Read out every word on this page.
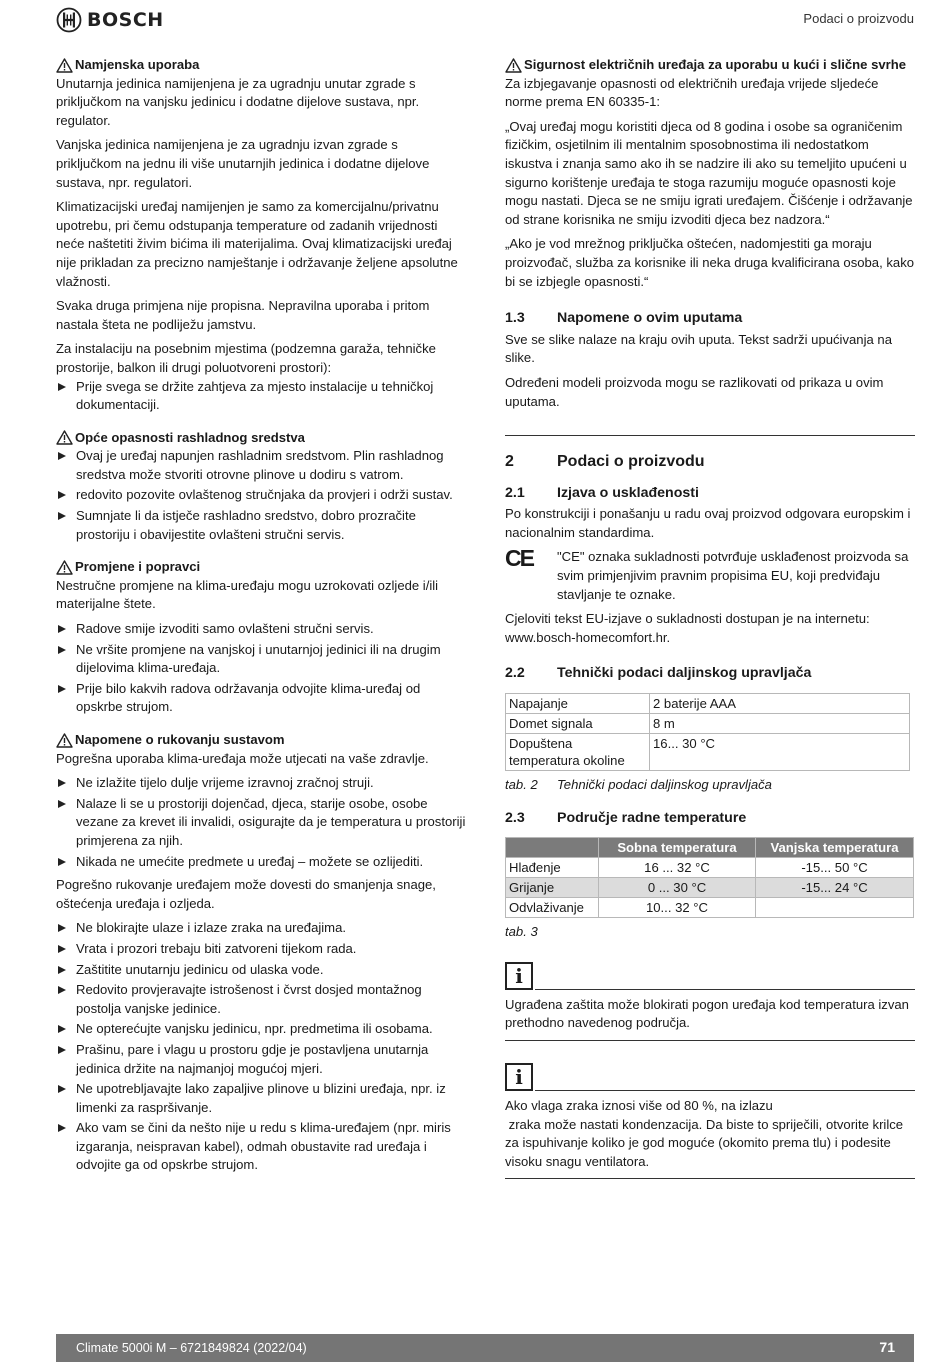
BOSCH	Podaci o proizvodu
Namjenska uporaba

Unutarnja jedinica namijenjena je za ugradnju unutar zgrade s priključkom na vanjsku jedinicu i dodatne dijelove sustava, npr. regulator.

Vanjska jedinica namijenjena je za ugradnju izvan zgrade s priključkom na jednu ili više unutarnjih jedinica i dodatne dijelove sustava, npr. regulatori.

Klimatizacijski uređaj namijenjen je samo za komercijalnu/privatnu upotrebu, pri čemu odstupanja temperature od zadanih vrijednosti neće naštetiti živim bićima ili materijalima. Ovaj klimatizacijski uređaj nije prikladan za precizno namještanje i održavanje željene apsolutne vlažnosti.

Svaka druga primjena nije propisna. Nepravilna uporaba i pritom nastala šteta ne podliježu jamstvu.

Za instalaciju na posebnim mjestima (podzemna garaža, tehničke prostorije, balkon ili drugi poluotvoreni prostori):

Prije svega se držite zahtjeva za mjesto instalacije u tehničkoj dokumentaciji.
Opće opasnosti rashladnog sredstva
Ovaj je uređaj napunjen rashladnim sredstvom. Plin rashladnog sredstva može stvoriti otrovne plinove u dodiru s vatrom.
redovito pozovite ovlaštenog stručnjaka da provjeri i održi sustav.
Sumnjate li da istječe rashladno sredstvo, dobro prozračite prostoriju i obavijestite ovlašteni stručni servis.
Promjene i popravci

Nestručne promjene na klima-uređaju mogu uzrokovati ozljede i/ili materijalne štete.

Radove smije izvoditi samo ovlašteni stručni servis.
Ne vršite promjene na vanjskoj i unutarnjoj jedinici ili na drugim dijelovima klima-uređaja.
Prije bilo kakvih radova održavanja odvojite klima-uređaj od opskrbe strujom.
Napomene o rukovanju sustavom

Pogrešna uporaba klima-uređaja može utjecati na vaše zdravlje.

Ne izlažite tijelo dulje vrijeme izravnoj zračnoj struji.
Nalaze li se u prostoriji dojenčad, djeca, starije osobe, osobe vezane za krevet ili invalidi, osigurajte da je temperatura u prostoriji primjerena za njih.
Nikada ne umećite predmete u uređaj – možete se ozlijediti.

Pogrešno rukovanje uređajem može dovesti do smanjenja snage, oštećenja uređaja i ozljeda.

Ne blokirajte ulaze i izlaze zraka na uređajima.
Vrata i prozori trebaju biti zatvoreni tijekom rada.
Zaštitite unutarnju jedinicu od ulaska vode.
Redovito provjeravajte istrošenost i čvrst dosjed montažnog postolja vanjske jedinice.
Ne opterećujte vanjsku jedinicu, npr. predmetima ili osobama.
Prašinu, pare i vlagu u prostoru gdje je postavljena unutarnja jedinica držite na najmanjoj mogućoj mjeri.
Ne upotrebljavajte lako zapaljive plinove u blizini uređaja, npr. iz limenki za raspršivanje.
Ako vam se čini da nešto nije u redu s klima-uređajem (npr. miris izgaranja, neispravan kabel), odmah obustavite rad uređaja i odvojite ga od opskrbe strujom.
Sigurnost električnih uređaja za uporabu u kući i slične svrhe

Za izbjegavanje opasnosti od električnih uređaja vrijede sljedeće norme prema EN 60335-1:

„Ovaj uređaj mogu koristiti djeca od 8 godina i osobe sa ograničenim fizičkim, osjetilnim ili mentalnim sposobnostima ili nedostatkom iskustva i znanja samo ako ih se nadzire ili ako su temeljito upućeni u sigurno korištenje uređaja te stoga razumiju moguće opasnosti koje mogu nastati. Djeca se ne smiju igrati uređajem. Čišćenje i održavanje od strane korisnika ne smiju izvoditi djeca bez nadzora.“

„Ako je vod mrežnog priključka oštećen, nadomjestiti ga moraju proizvođač, služba za korisnike ili neka druga kvalificirana osoba, kako bi se izbjegle opasnosti.“

1.3	Napomene o ovim uputama

Sve se slike nalaze na kraju ovih uputa. Tekst sadrži upućivanja na slike.

Određeni modeli proizvoda mogu se razlikovati od prikaza u ovim uputama.

2	Podaci o proizvodu
2.1	Izjava o usklađenosti

Po konstrukciji i ponašanju u radu ovaj proizvod odgovara europskim i nacionalnim standardima.

CE	"CE" oznaka sukladnosti potvrđuje usklađenost proizvoda sa svim primjenjivim pravnim propisima EU, koji predviđaju stavljanje te oznake.

Cjeloviti tekst EU-izjave o sukladnosti dostupan je na internetu: www.bosch-homecomfort.hr.

2.2	Tehnički podaci daljinskog upravljača
Napajanje	2 baterije AAA
Domet signala	8 m
Dopuštena temperatura okoline	16... 30 °C
tab. 2	Tehnički podaci daljinskog upravljača
2.3	Područje radne temperature
	Sobna temperatura	Vanjska temperatura
Hlađenje	16 ... 32 °C	-15... 50 °C
Grijanje	0 ... 30 °C	-15... 24 °C
Odvlaživanje	10... 32 °C	
tab. 3
i
Ugrađena zaštita može blokirati pogon uređaja kod temperatura izvan prethodno navedenog područja.
i
Ako vlaga zraka iznosi više od 80 %, na izlazu
zraka može nastati kondenzacija. Da biste to spriječili, otvorite krilce za ispuhivanje koliko je god moguće (okomito prema tlu) i podesite visoku snagu ventilatora.
Climate 5000i M – 6721849824 (2022/04)	71
